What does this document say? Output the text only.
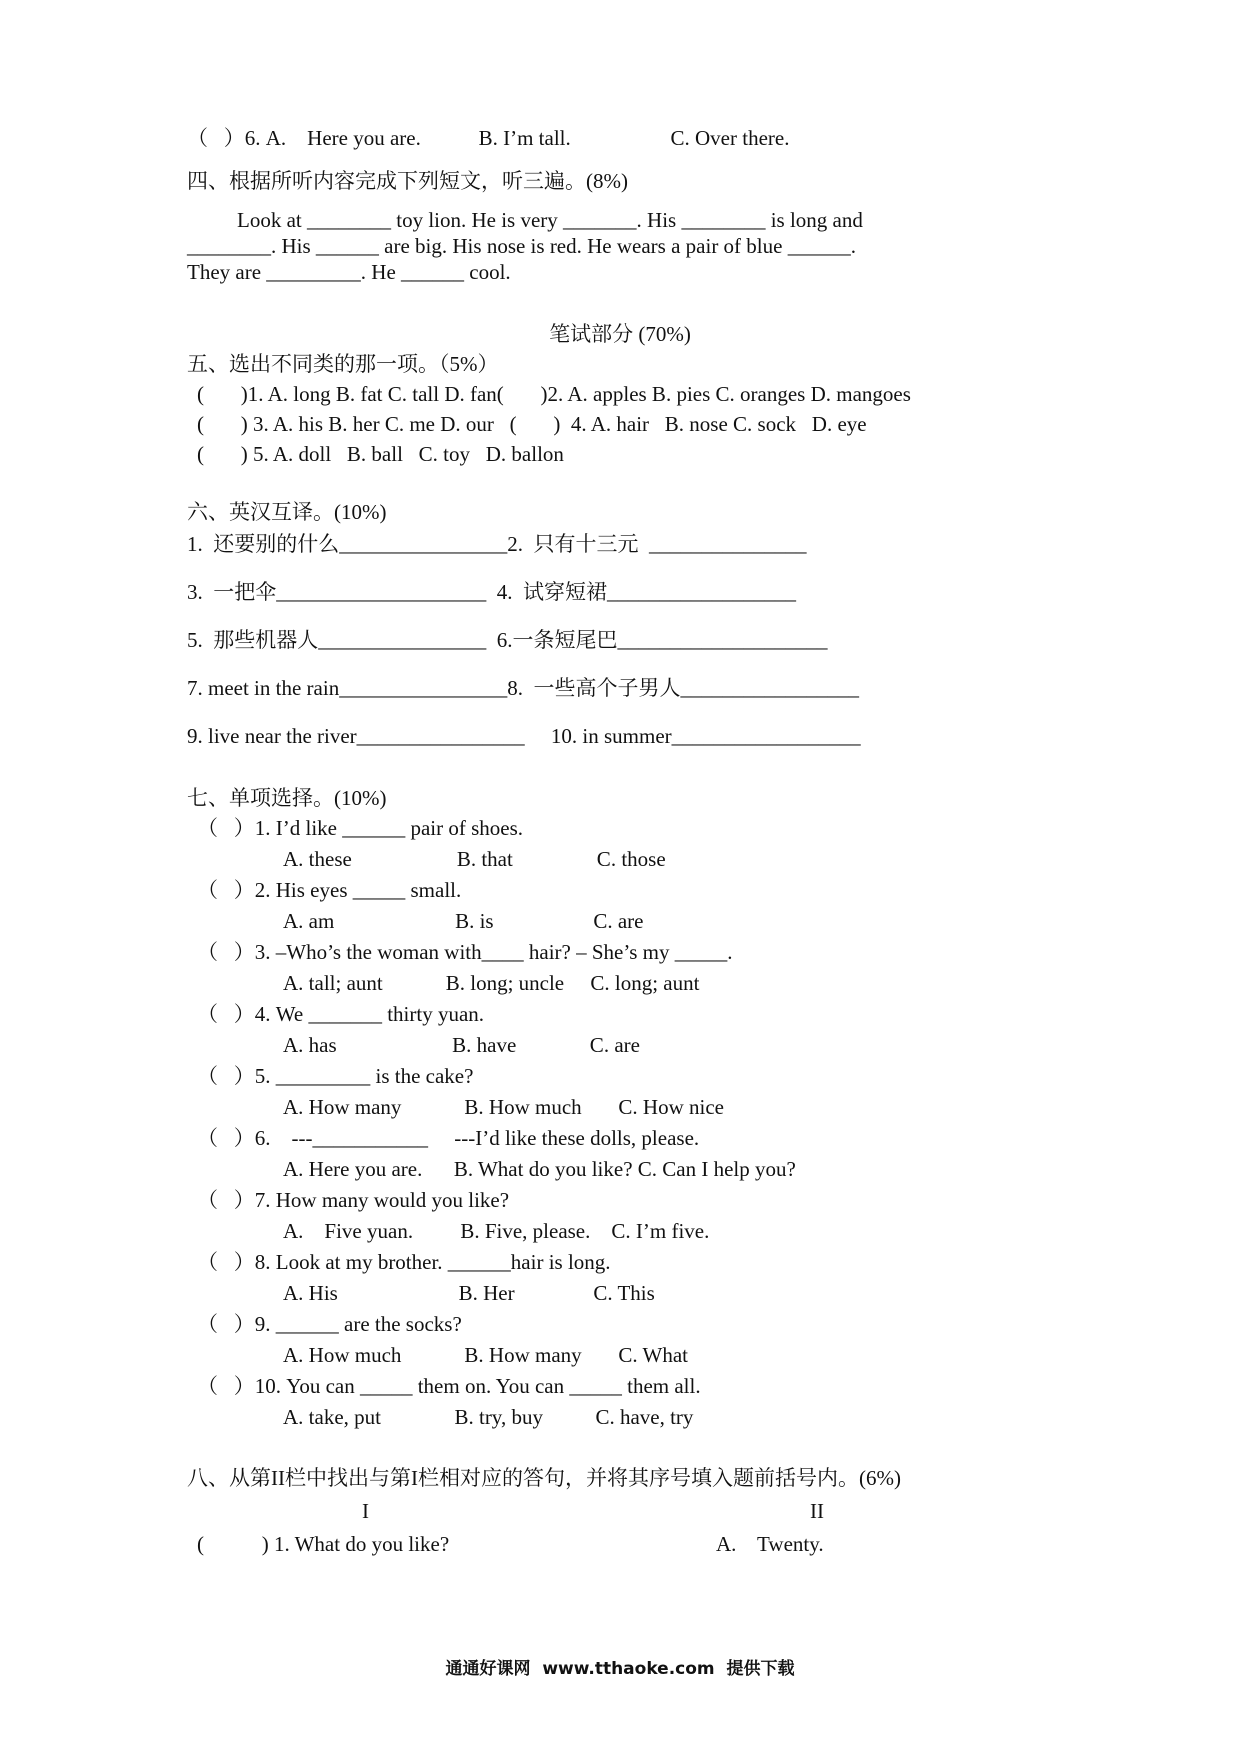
（   ）6. A.    Here you are.           B. I’m tall.                   C. Over there.
四、根据所听内容完成下列短文，听三遍。(8%)
Look at ________ toy lion. He is very _______. His ________ is long and
________. His ______ are big. His nose is red. He wears a pair of blue ______.
They are _________. He ______ cool.
笔试部分 (70%)
五、选出不同类的那一项。（5%）
(       )1. A. long B. fat C. tall D. fan(       )2. A. apples B. pies C. oranges D. mangoes
(       ) 3. A. his B. her C. me D. our   (       )  4. A. hair   B. nose C. sock   D. eye
(       ) 5. A. doll   B. ball   C. toy   D. ballon
六、英汉互译。(10%)
1.  还要别的什么________________2.  只有十三元  _______________
3.  一把伞____________________  4.  试穿短裙__________________
5.  那些机器人________________  6.一条短尾巴____________________
7. meet in the rain________________8.  一些高个子男人_________________
9. live near the river________________     10. in summer__________________
七、单项选择。(10%)
（   ）1. I’d like ______ pair of shoes.
A. these                    B. that                C. those
（   ）2. His eyes _____ small.
A. am                       B. is                   C. are
（   ）3. –Who’s the woman with____ hair? – She’s my _____.
A. tall; aunt            B. long; uncle     C. long; aunt
（   ）4. We _______ thirty yuan.
A. has                      B. have              C. are
（   ）5. _________ is the cake?
A. How many            B. How much       C. How nice
（   ）6.    ---___________     ---I’d like these dolls, please.
A. Here you are.      B. What do you like? C. Can I help you?
（   ）7. How many would you like?
A.    Five yuan.         B. Five, please.    C. I’m five.
（   ）8. Look at my brother. ______hair is long.
A. His                       B. Her               C. This
（   ）9. ______ are the socks?
A. How much            B. How many       C. What
（   ）10. You can _____ them on. You can _____ them all.
A. take, put              B. try, buy          C. have, try
八、从第II栏中找出与第I栏相对应的答句，并将其序号填入题前括号内。(6%)
I	II
(           ) 1. What do you like?	A.    Twenty.
通通好课网  www.tthaoke.com  提供下载
